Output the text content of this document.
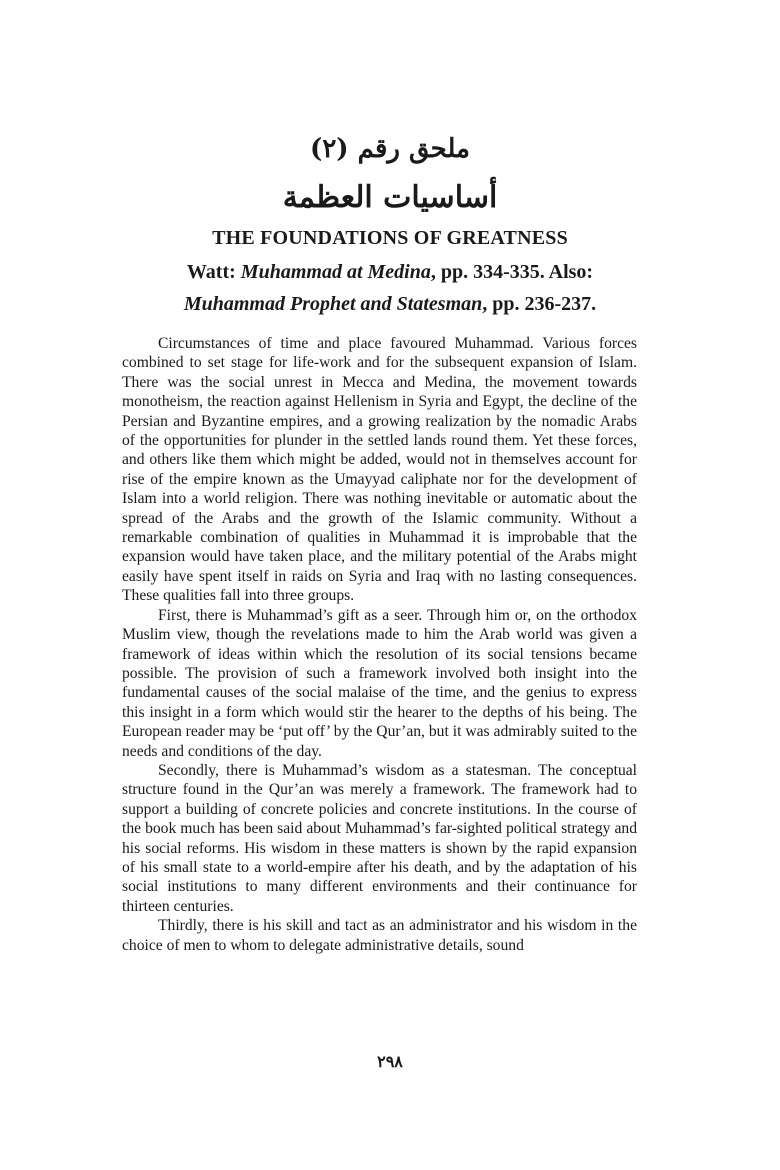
ملحق رقم (٢)
أساسيات العظمة
THE FOUNDATIONS OF GREATNESS
Watt: Muhammad at Medina, pp. 334-335. Also:
Muhammad Prophet and Statesman, pp. 236-237.

Circumstances of time and place favoured Muhammad. Various forces combined to set stage for life-work and for the subsequent expansion of Islam. There was the social unrest in Mecca and Medina, the movement towards monotheism, the reaction against Hellenism in Syria and Egypt, the decline of the Persian and Byzantine empires, and a growing realization by the nomadic Arabs of the opportunities for plunder in the settled lands round them. Yet these forces, and others like them which might be added, would not in themselves account for rise of the empire known as the Umayyad caliphate nor for the development of Islam into a world religion. There was nothing inevitable or automatic about the spread of the Arabs and the growth of the Islamic community. Without a remarkable combination of qualities in Muhammad it is improbable that the expansion would have taken place, and the military potential of the Arabs might easily have spent itself in raids on Syria and Iraq with no lasting consequences. These qualities fall into three groups.

First, there is Muhammad’s gift as a seer. Through him or, on the orthodox Muslim view, though the revelations made to him the Arab world was given a framework of ideas within which the resolution of its social tensions became possible. The provision of such a framework involved both insight into the fundamental causes of the social malaise of the time, and the genius to express this insight in a form which would stir the hearer to the depths of his being. The European reader may be ‘put off’ by the Qur’an, but it was admirably suited to the needs and conditions of the day.

Secondly, there is Muhammad’s wisdom as a statesman. The conceptual structure found in the Qur’an was merely a framework. The framework had to support a building of concrete policies and concrete institutions. In the course of the book much has been said about Muhammad’s far-sighted political strategy and his social reforms. His wisdom in these matters is shown by the rapid expansion of his small state to a world-empire after his death, and by the adaptation of his social institutions to many different environments and their continuance for thirteen centuries.

Thirdly, there is his skill and tact as an administrator and his wisdom in the choice of men to whom to delegate administrative details, sound

٢٩٨
